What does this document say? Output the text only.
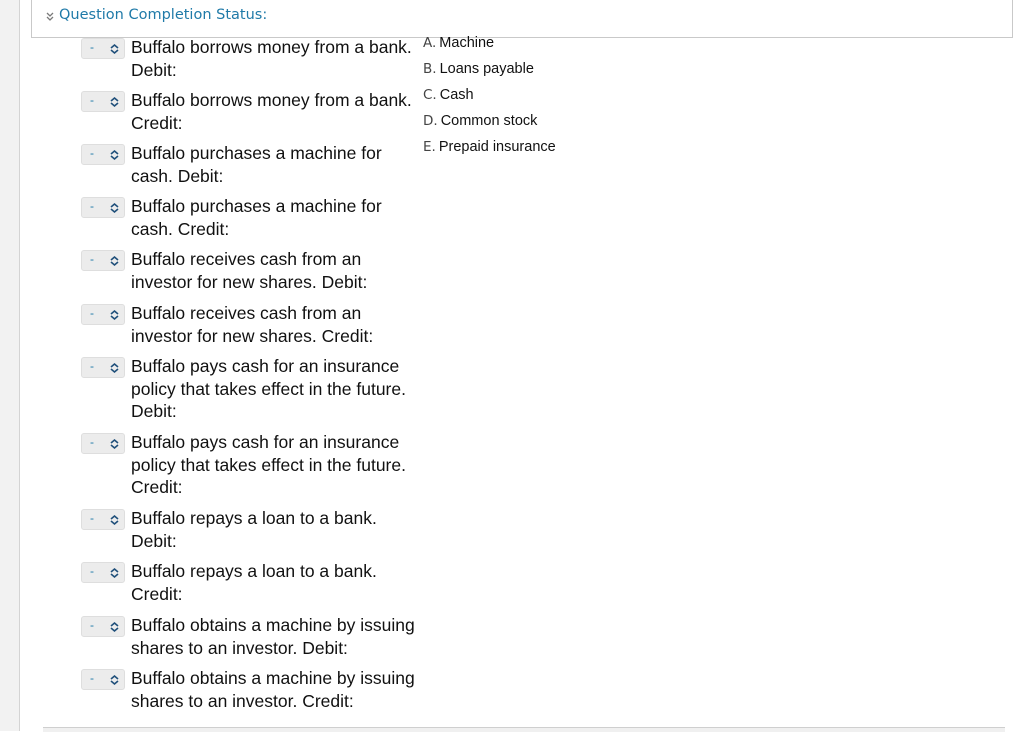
Question Completion Status:
- Buffalo borrows money from a bank. Debit:
- Buffalo borrows money from a bank. Credit:
- Buffalo purchases a machine for cash. Debit:
- Buffalo purchases a machine for cash. Credit:
- Buffalo receives cash from an investor for new shares. Debit:
- Buffalo receives cash from an investor for new shares. Credit:
- Buffalo pays cash for an insurance policy that takes effect in the future. Debit:
- Buffalo pays cash for an insurance policy that takes effect in the future. Credit:
- Buffalo repays a loan to a bank. Debit:
- Buffalo repays a loan to a bank. Credit:
- Buffalo obtains a machine by issuing shares to an investor. Debit:
- Buffalo obtains a machine by issuing shares to an investor. Credit:
A. Machine
B. Loans payable
C. Cash
D. Common stock
E. Prepaid insurance
